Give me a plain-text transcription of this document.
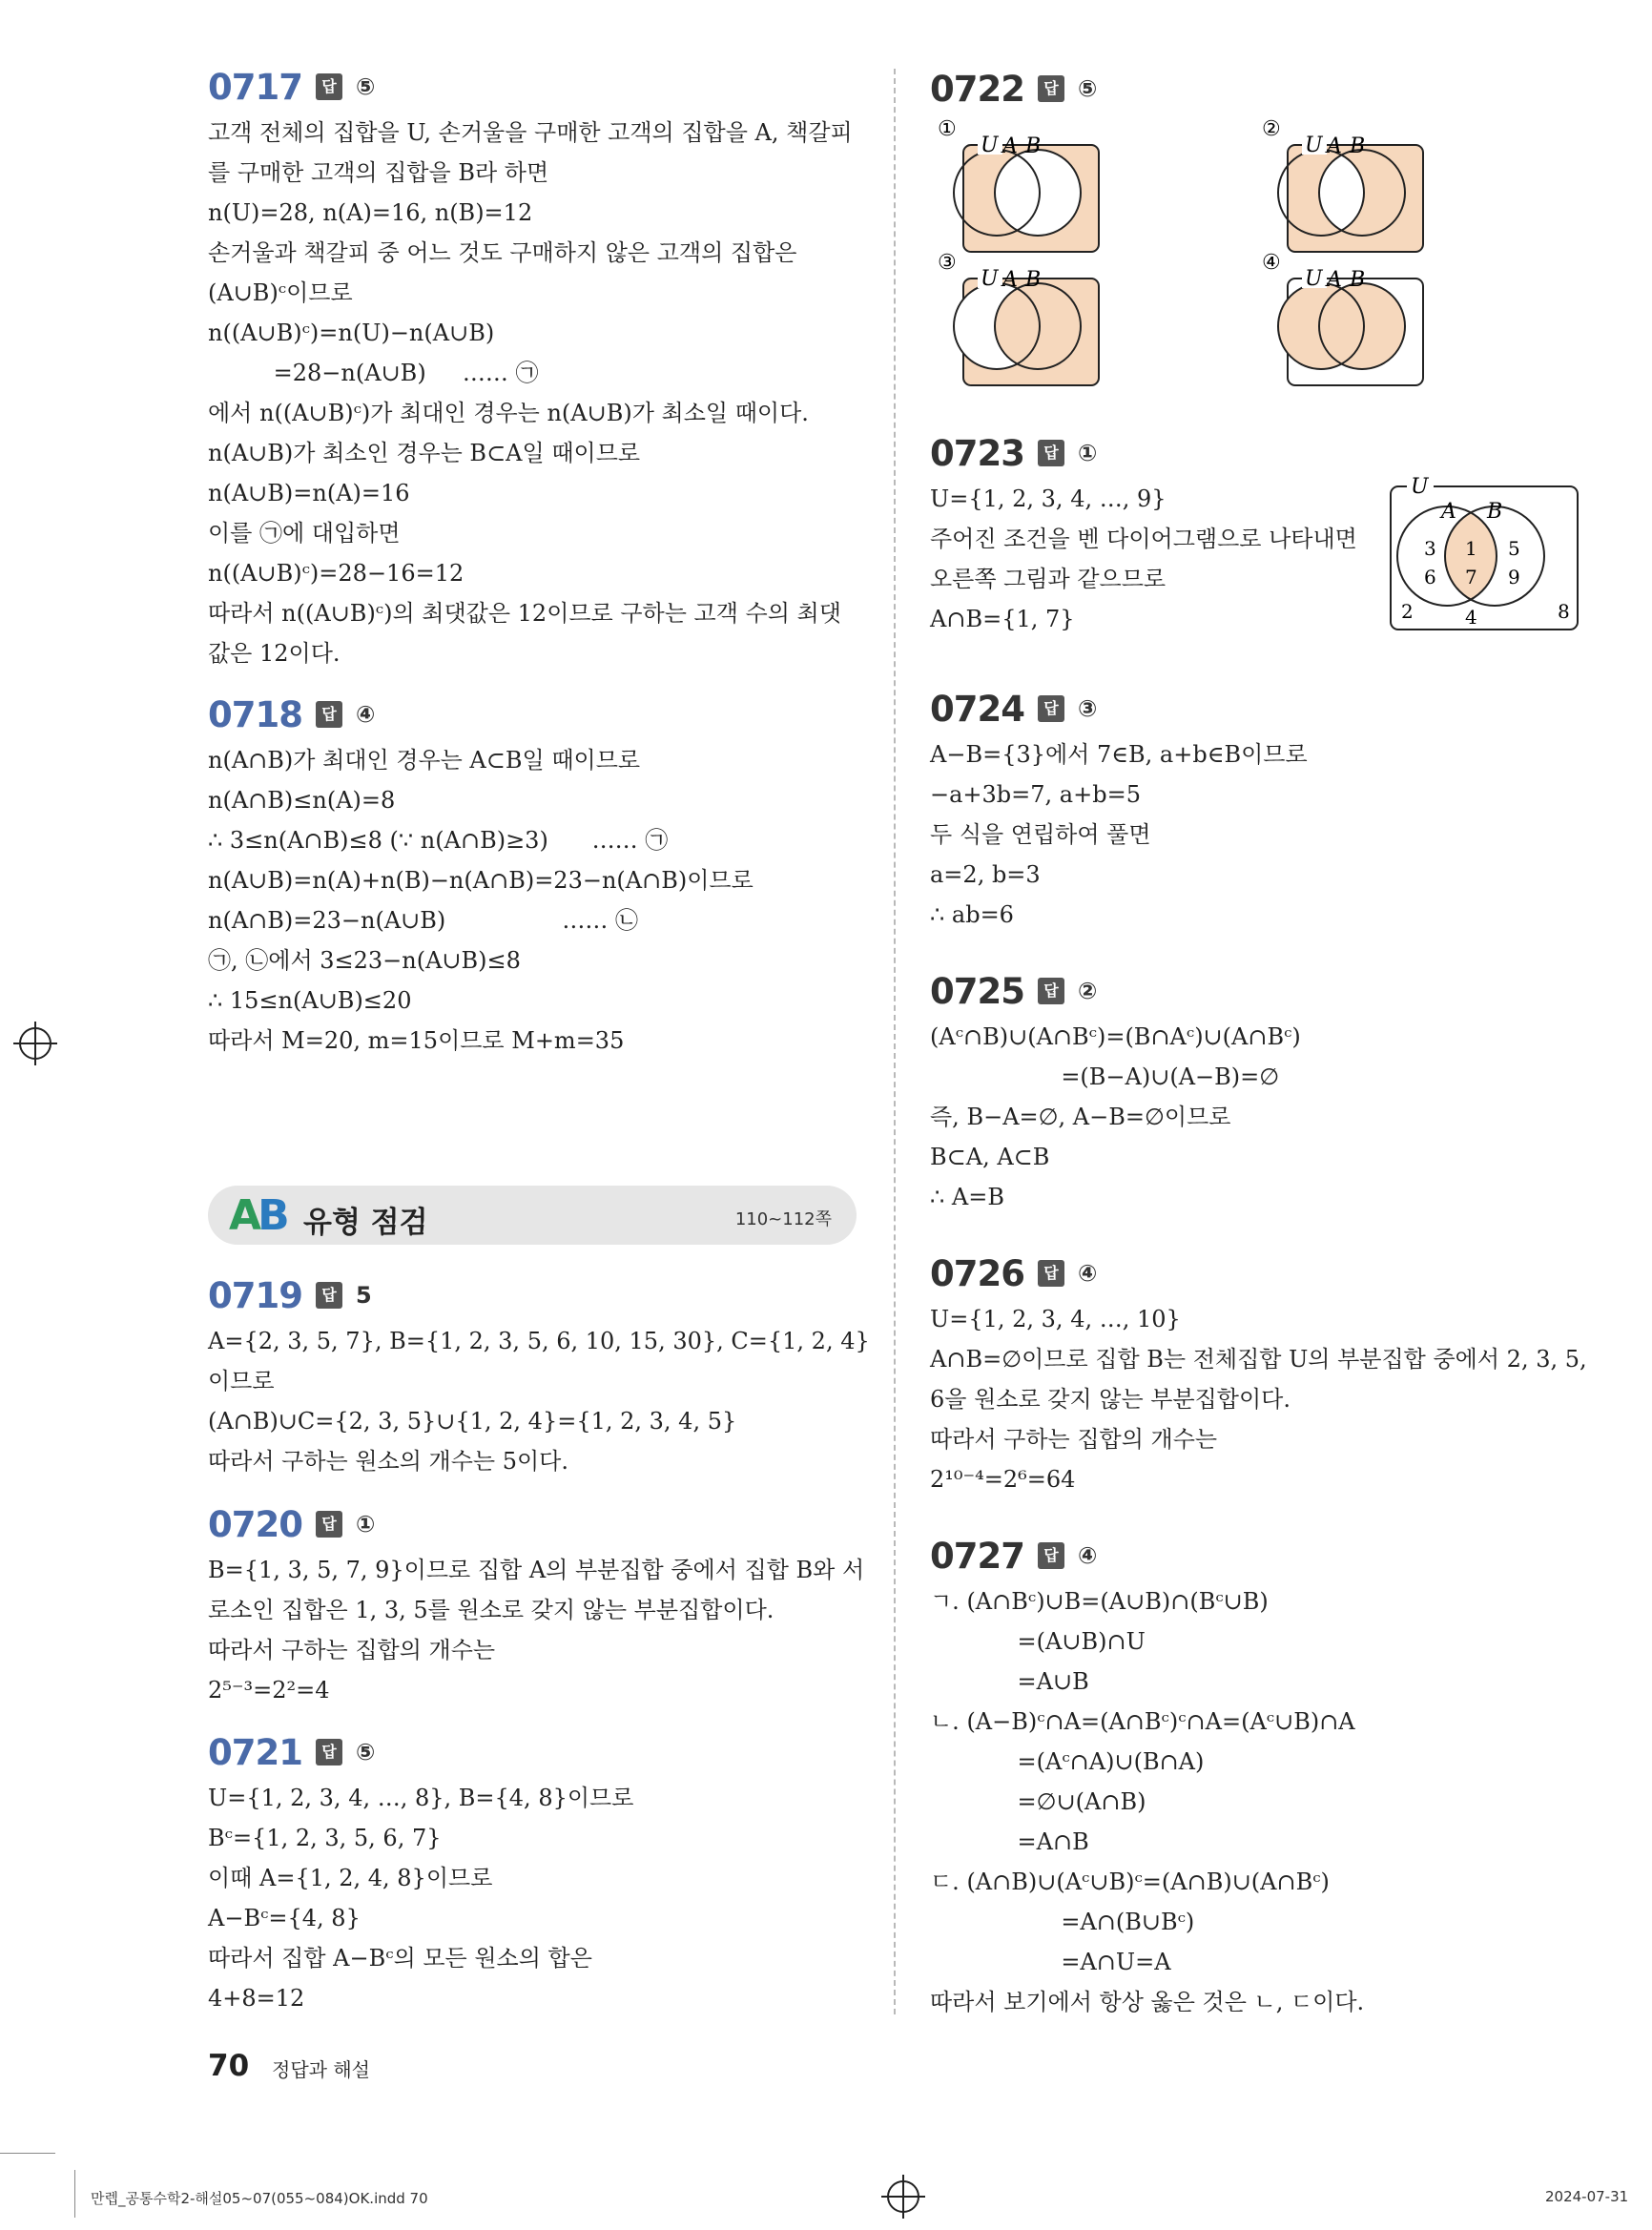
0717	답 ⑤
고객 전체의 집합을 U, 손거울을 구매한 고객의 집합을 A, 책갈피
를 구매한 고객의 집합을 B라 하면
n(U)=28, n(A)=16, n(B)=12
손거울과 책갈피 중 어느 것도 구매하지 않은 고객의 집합은
(A∪B)ᶜ이므로
n((A∪B)ᶜ)=n(U)−n(A∪B)
=28−n(A∪B)     …… ㉠
에서 n((A∪B)ᶜ)가 최대인 경우는 n(A∪B)가 최소일 때이다.
n(A∪B)가 최소인 경우는 B⊂A일 때이므로
n(A∪B)=n(A)=16
이를 ㉠에 대입하면
n((A∪B)ᶜ)=28−16=12
따라서 n((A∪B)ᶜ)의 최댓값은 12이므로 구하는 고객 수의 최댓
값은 12이다.
0718	답 ④
n(A∩B)가 최대인 경우는 A⊂B일 때이므로
n(A∩B)≤n(A)=8
∴ 3≤n(A∩B)≤8 (∵ n(A∩B)≥3)      …… ㉠
n(A∪B)=n(A)+n(B)−n(A∩B)=23−n(A∩B)이므로
n(A∩B)=23−n(A∪B)                …… ㉡
㉠, ㉡에서 3≤23−n(A∪B)≤8
∴ 15≤n(A∪B)≤20
따라서 M=20, m=15이므로 M+m=35
0719	답 5
A={2, 3, 5, 7}, B={1, 2, 3, 5, 6, 10, 15, 30}, C={1, 2, 4}
이므로
(A∩B)∪C={2, 3, 5}∪{1, 2, 4}={1, 2, 3, 4, 5}
따라서 구하는 원소의 개수는 5이다.
0720	답 ①
B={1, 3, 5, 7, 9}이므로 집합 A의 부분집합 중에서 집합 B와 서
로소인 집합은 1, 3, 5를 원소로 갖지 않는 부분집합이다.
따라서 구하는 집합의 개수는
2⁵⁻³=2²=4
0721	답 ⑤
U={1, 2, 3, 4, …, 8}, B={4, 8}이므로
Bᶜ={1, 2, 3, 5, 6, 7}
이때 A={1, 2, 4, 8}이므로
A−Bᶜ={4, 8}
따라서 집합 A−Bᶜ의 모든 원소의 합은
4+8=12
AB 유형 점검	110~112쪽
0722	답 ⑤
①
U A B
②
U A B
③
U A B
④
U A B
0723	답 ①
U={1, 2, 3, 4, …, 9}
주어진 조건을 벤 다이어그램으로 나타내면
오른쪽 그림과 같으므로
A∩B={1, 7}
U
A B
3
6
1
7
5
9
2	4	8
0724	답 ③
A−B={3}에서 7∈B, a+b∈B이므로
−a+3b=7, a+b=5
두 식을 연립하여 풀면
a=2, b=3
∴ ab=6
0725	답 ②
(Aᶜ∩B)∪(A∩Bᶜ)=(B∩Aᶜ)∪(A∩Bᶜ)
=(B−A)∪(A−B)=∅
즉, B−A=∅, A−B=∅이므로
B⊂A, A⊂B
∴ A=B
0726	답 ④
U={1, 2, 3, 4, …, 10}
A∩B=∅이므로 집합 B는 전체집합 U의 부분집합 중에서 2, 3, 5,
6을 원소로 갖지 않는 부분집합이다.
따라서 구하는 집합의 개수는
2¹⁰⁻⁴=2⁶=64
0727	답 ④
ㄱ. (A∩Bᶜ)∪B=(A∪B)∩(Bᶜ∪B)
=(A∪B)∩U
=A∪B
ㄴ. (A−B)ᶜ∩A=(A∩Bᶜ)ᶜ∩A=(Aᶜ∪B)∩A
=(Aᶜ∩A)∪(B∩A)
=∅∪(A∩B)
=A∩B
ㄷ. (A∩B)∪(Aᶜ∪B)ᶜ=(A∩B)∪(A∩Bᶜ)
=A∩(B∪Bᶜ)
=A∩U=A
따라서 보기에서 항상 옳은 것은 ㄴ, ㄷ이다.
70 정답과 해설
만렙_공통수학2-해설05~07(055~084)OK.indd 70	2024-07-31
